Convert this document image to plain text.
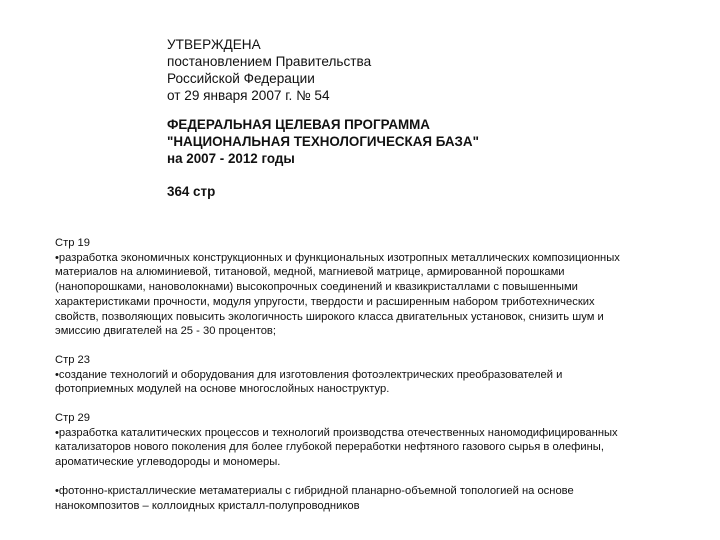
УТВЕРЖДЕНА
постановлением Правительства
Российской Федерации
от 29 января 2007 г. № 54
ФЕДЕРАЛЬНАЯ ЦЕЛЕВАЯ ПРОГРАММА
"НАЦИОНАЛЬНАЯ ТЕХНОЛОГИЧЕСКАЯ БАЗА"
на 2007 - 2012 годы
364 стр
Стр 19
•разработка экономичных конструкционных и функциональных изотропных металлических композиционных
материалов на алюминиевой, титановой, медной, магниевой матрице, армированной порошками
(нанопорошками, нановолокнами) высокопрочных соединений и квазикристаллами с повышенными
характеристиками прочности, модуля упругости, твердости и расширенным набором триботехнических
свойств, позволяющих повысить экологичность широкого класса двигательных установок, снизить шум и
эмиссию двигателей на 25 - 30 процентов;
Стр 23
•создание технологий и оборудования для изготовления фотоэлектрических преобразователей и
фотоприемных модулей на основе многослойных наноструктур.
Стр 29
•разработка каталитических процессов и технологий производства отечественных наномодифицированных
катализаторов нового поколения для более глубокой переработки нефтяного газового сырья в олефины,
ароматические углеводороды и мономеры.
•фотонно-кристаллические метаматериалы с гибридной планарно-объемной топологией на основе
нанокомпозитов – коллоидных кристалл-полупроводников
